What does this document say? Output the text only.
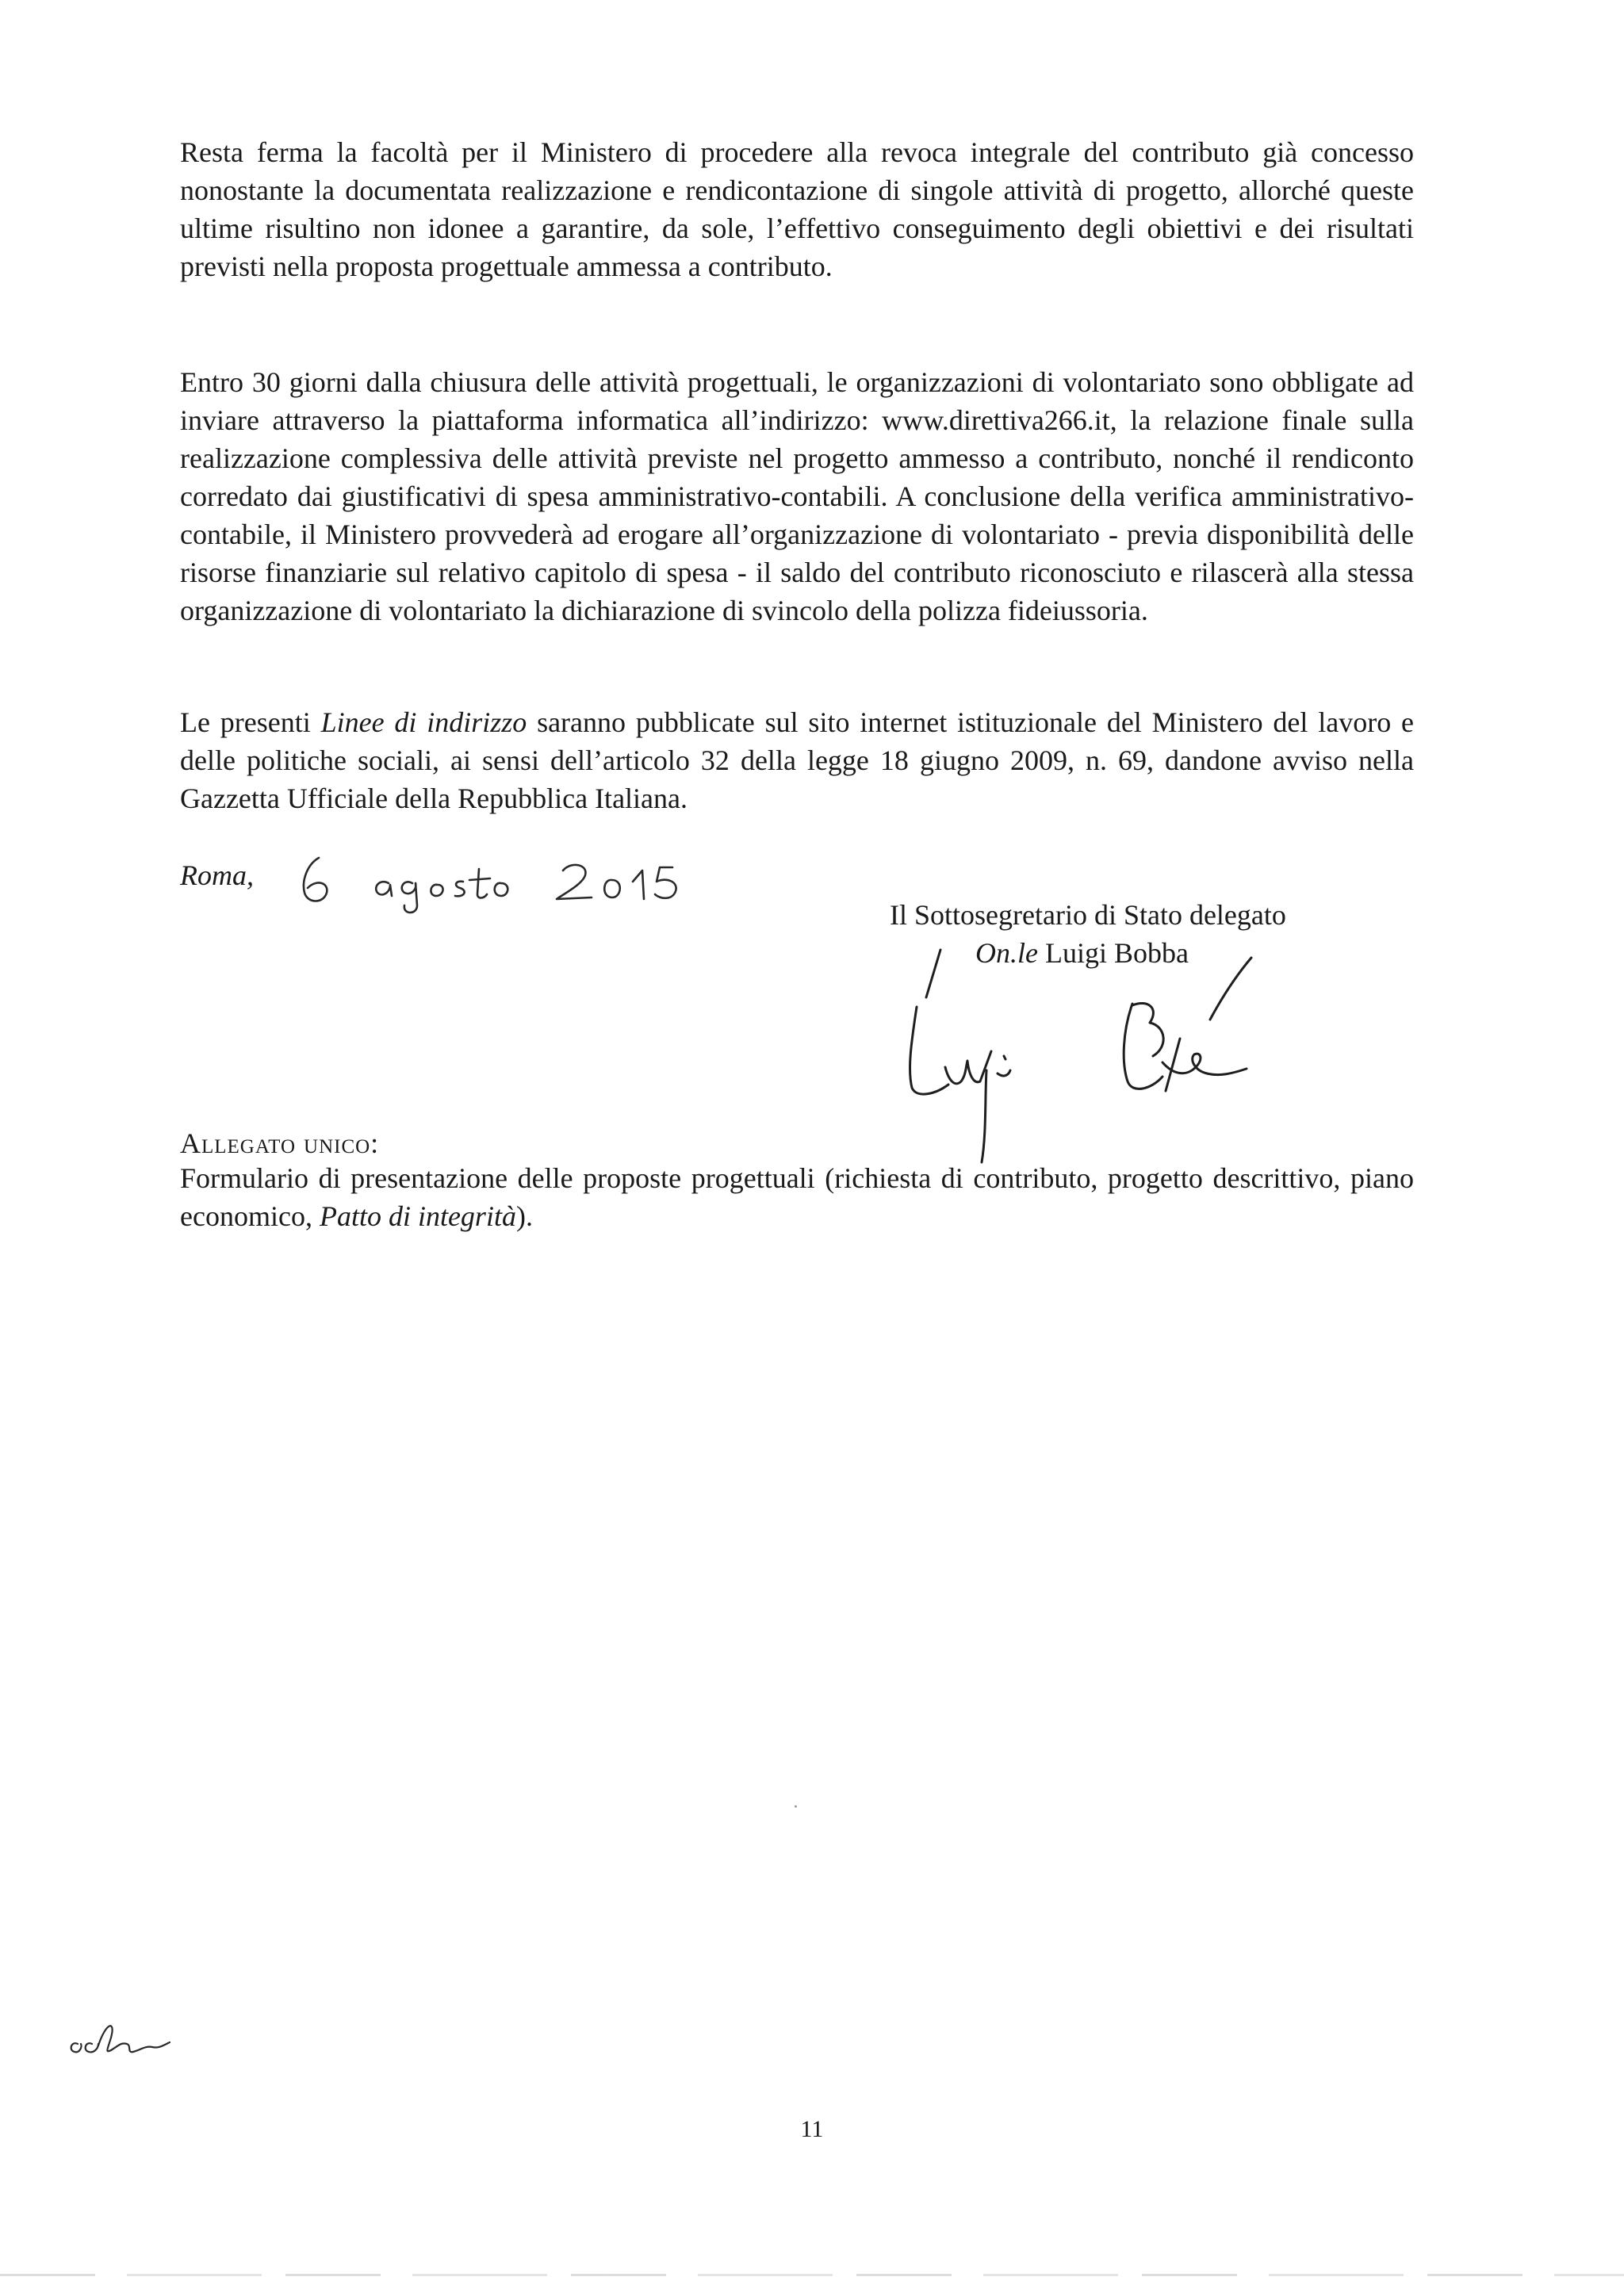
Resta ferma la facoltà per il Ministero di procedere alla revoca integrale del contributo già concesso nonostante la documentata realizzazione e rendicontazione di singole attività di progetto, allorché queste ultime risultino non idonee a garantire, da sole, l’effettivo conseguimento degli obiettivi e dei risultati previsti nella proposta progettuale ammessa a contributo.

Entro 30 giorni dalla chiusura delle attività progettuali, le organizzazioni di volontariato sono obbligate ad inviare attraverso la piattaforma informatica all’indirizzo: www.direttiva266.it, la relazione finale sulla realizzazione complessiva delle attività previste nel progetto ammesso a contributo, nonché il rendiconto corredato dai giustificativi di spesa amministrativo-contabili. A conclusione della verifica amministrativo-contabile, il Ministero provvederà ad erogare all’organizzazione di volontariato - previa disponibilità delle risorse finanziarie sul relativo capitolo di spesa - il saldo del contributo riconosciuto e rilascerà alla stessa organizzazione di volontariato la dichiarazione di svincolo della polizza fideiussoria.

Le presenti Linee di indirizzo saranno pubblicate sul sito internet istituzionale del Ministero del lavoro e delle politiche sociali, ai sensi dell’articolo 32 della legge 18 giugno 2009, n. 69, dandone avviso nella Gazzetta Ufficiale della Repubblica Italiana.

Roma,
Il Sottosegretario di Stato delegato
On.le Luigi Bobba
Allegato unico:

Formulario di presentazione delle proposte progettuali (richiesta di contributo, progetto descrittivo, piano economico, Patto di integrità).

11
